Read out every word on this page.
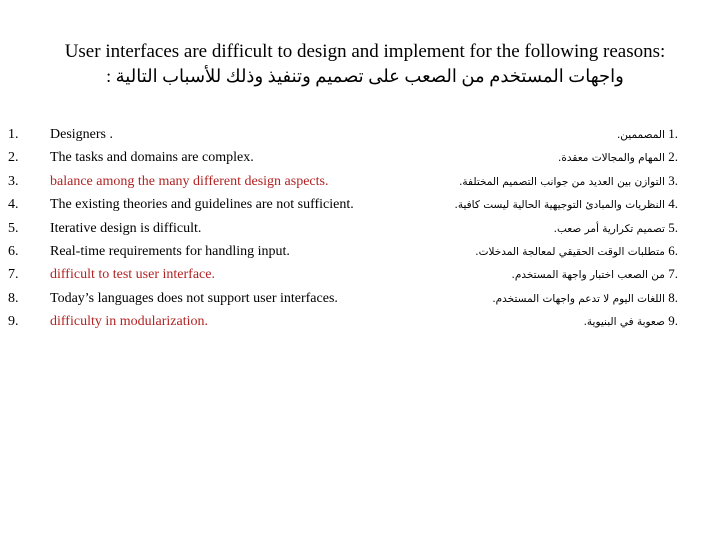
User interfaces are difficult to design and implement for the following reasons:
واجهات المستخدم من الصعب على تصميم وتنفيذ وذلك للأسباب التالية :
1.
2.
3.
4.
5.
6.
7.
8.
9.
Designers .
The tasks and domains are complex.
balance among the many different design aspects.
The existing theories and guidelines are not sufficient.
Iterative design is difficult.
Real-time requirements for handling input.
difficult to test user interface.
Today’s languages does not support user interfaces.
difficulty in modularization.
.1 المصممين.
.2 المهام والمجالات معقدة.
.3 التوازن بين العديد من جوانب التصميم المختلفة.
.4 النظريات والمبادئ التوجيهية الحالية ليست كافية.
.5 تصميم تكرارية أمر صعب.
.6 متطلبات الوقت الحقيقي لمعالجة المدخلات.
.7 من الصعب اختبار واجهة المستخدم.
.8 اللغات اليوم لا تدعم واجهات المستخدم.
.9 صعوبة في البنيوية.
